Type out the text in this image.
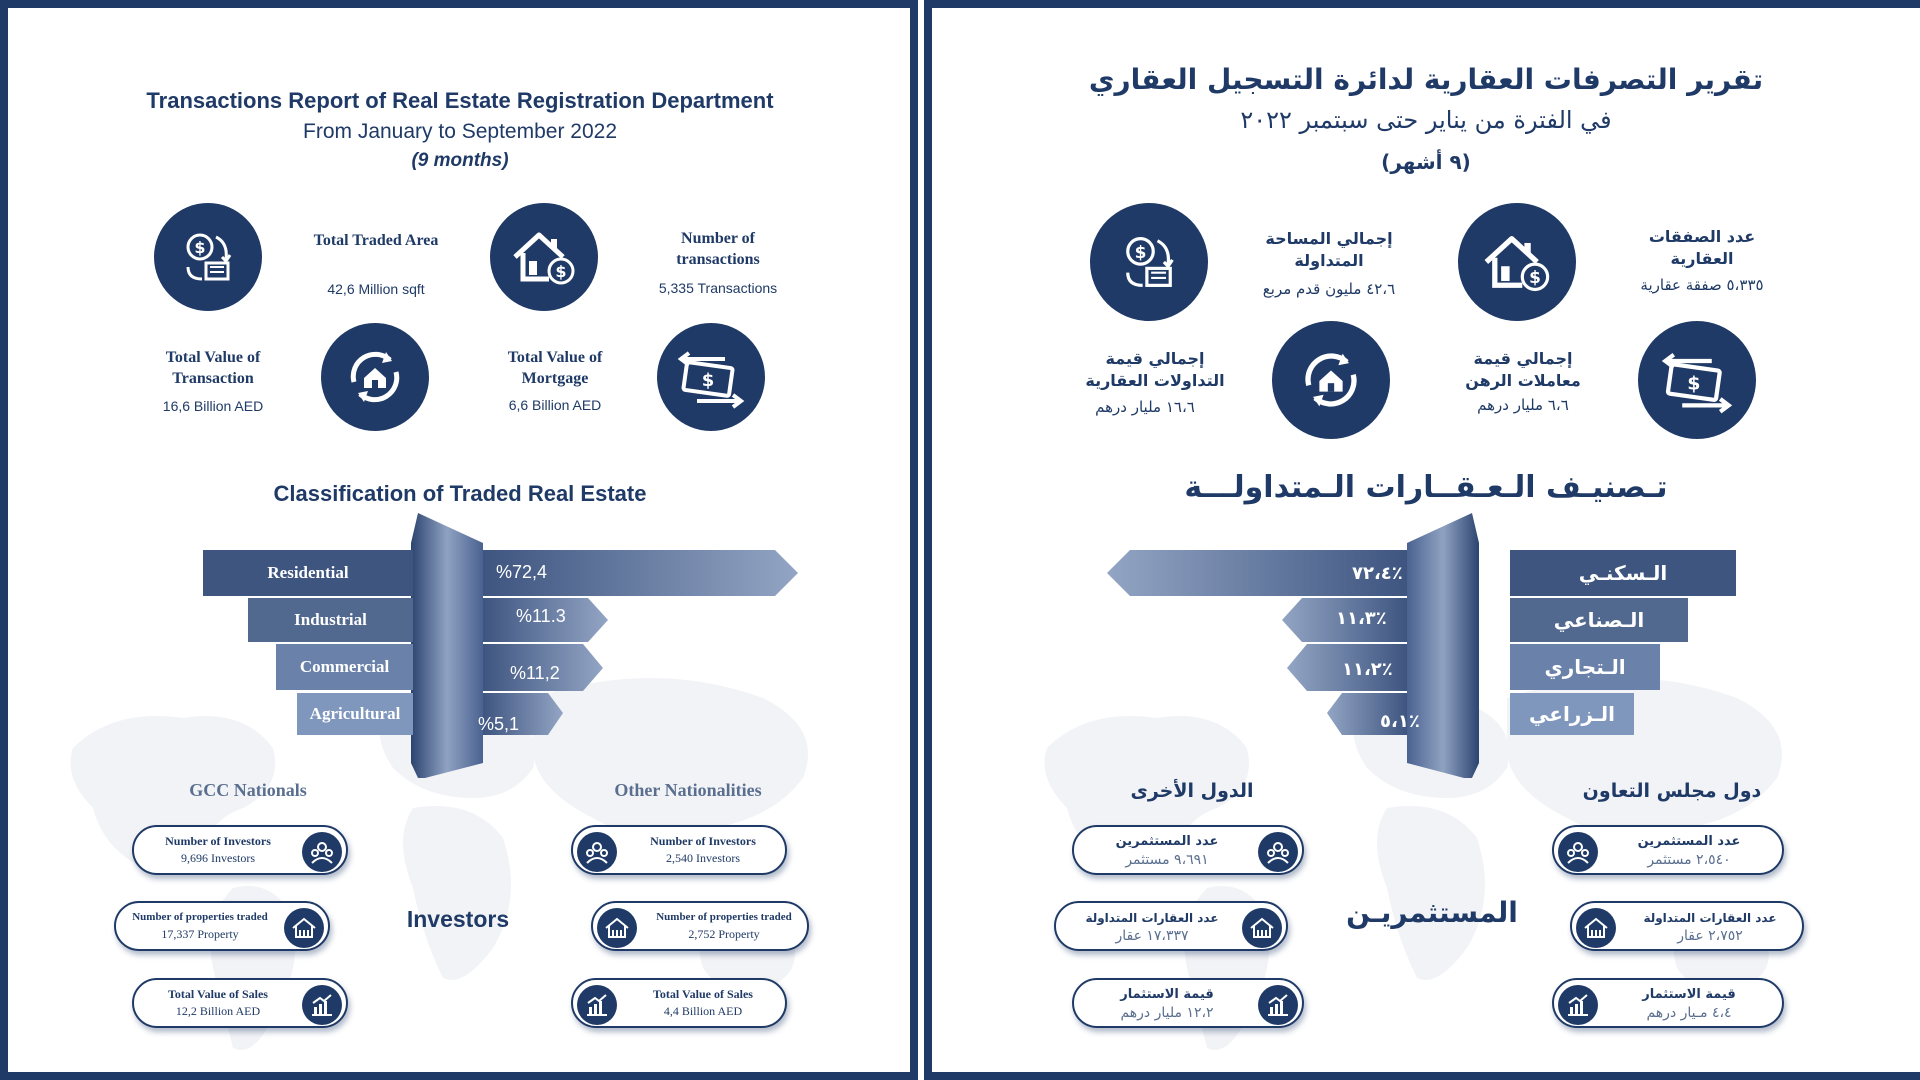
Transactions Report of Real Estate Registration Department
From January to September 2022
(9 months)
$	Total Traded Area
42,6 Million sqft
$
Number of transactions
5,335 Transactions
Total Value of Transaction
16,6 Billion AED
Total Value of Mortgage
6,6 Billion AED
$
Classification of Traded Real Estate
Residential
Industrial
Commercial
Agricultural
%72,4
%11.3
%11,2
%5,1
GCC Nationals	Other Nationalities
Investors
Number of Investors
9,696 Investors
Number of properties traded
17,337 Property
Total Value of Sales
12,2 Billion AED
Number of Investors
2,540 Investors
Number of properties traded
2,752 Property
Total Value of Sales
4,4 Billion AED
تقرير التصرفات العقارية لدائرة التسجيل العقاري
في الفترة من يناير حتى سبتمبر ٢٠٢٢
(٩ أشهر)
عدد الصفقات العقارية
٥،٣٣٥ صفقة عقارية
$
إجمالي المساحة المتداولة
٤٢،٦ مليون قدم مربع
$
$
إجمالي قيمة معاملات الرهن
٦،٦ مليار درهم
إجمالي قيمة التداولات العقارية
١٦،٦ مليار درهم
تـصنيـف الـعـقــارات الـمتداولـــة
الـسكنـي
الـصناعي
الـتجاري
الـزراعي
٧٢،٤٪
١١،٣٪
١١،٢٪
٥،١٪
دول مجلس التعاون
الدول الأخرى
المستثمريـن
عدد المستثمرين
٢،٥٤٠ مستثمر
عدد العقارات المتداولة
٢،٧٥٢ عقار
قيمة الاستثمار
٤،٤ مـيار درهم
عدد المستثمرين
٩،٦٩١ مستثمر
عدد العقارات المتداولة
١٧،٣٣٧ عقار
قيمة الاستثمار
١٢،٢ مليار درهم
